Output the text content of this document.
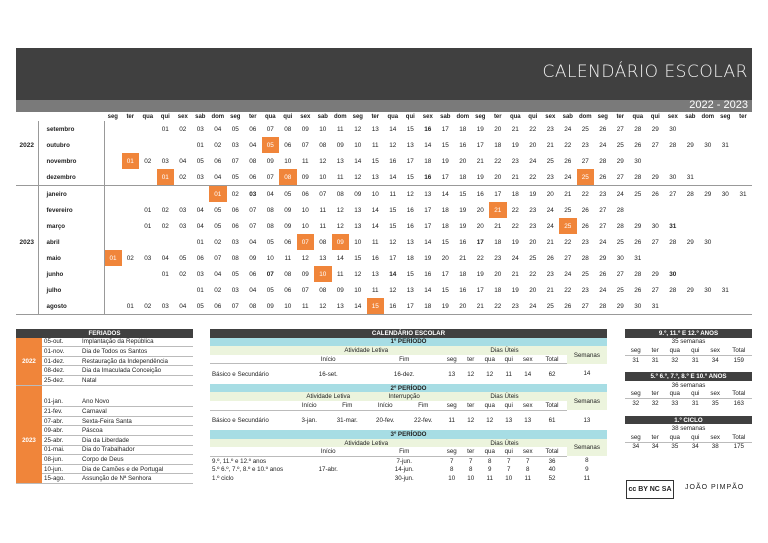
CALENDÁRIO ESCOLAR
2022 - 2023
		seg	ter	qua	qui	sex	sab	dom	seg	ter	qua	qui	sex	sab	dom	seg	ter	qua	qui	sex	sab	dom	seg	ter	qua	qui	sex	sab	dom	seg	ter	qua	qui	sex	sab	dom	seg	ter
	setembro				01	02	03	04	05	06	07	08	09	10	11	12	13	14	15	16	17	18	19	20	21	22	23	24	25	26	27	28	29	30				
2022	outubro						01	02	03	04	05	06	07	08	09	10	11	12	13	14	15	16	17	18	19	20	21	22	23	24	25	26	27	28	29	30	31	
	novembro		01	02	03	04	05	06	07	08	09	10	11	12	13	14	15	16	17	18	19	20	21	22	23	24	25	26	27	28	29	30						
	dezembro				01	02	03	04	05	06	07	08	09	10	11	12	13	14	15	16	17	18	19	20	21	22	23	24	25	26	27	28	29	30	31			
	janeiro							01	02	03	04	05	06	07	08	09	10	11	12	13	14	15	16	17	18	19	20	21	22	23	24	25	26	27	28	29	30	31
	fevereiro			01	02	03	04	05	06	07	08	09	10	11	12	13	14	15	16	17	18	19	20	21	22	23	24	25	26	27	28							
	março			01	02	03	04	05	06	07	08	09	10	11	12	13	14	15	16	17	18	19	20	21	22	23	24	25	26	27	28	29	30	31				
2023	abril						01	02	03	04	05	06	07	08	09	10	11	12	13	14	15	16	17	18	19	20	21	22	23	24	25	26	27	28	29	30		
	maio	01	02	03	04	05	06	07	08	09	10	11	12	13	14	15	16	17	18	19	20	21	22	23	24	25	26	27	28	29	30	31						
	junho				01	02	03	04	05	06	07	08	09	10	11	12	13	14	15	16	17	18	19	20	21	22	23	24	25	26	27	28	29	30				
	julho						01	02	03	04	05	06	07	08	09	10	11	12	13	14	15	16	17	18	19	20	21	22	23	24	25	26	27	28	29	30	31	
	agosto		01	02	03	04	05	06	07	08	09	10	11	12	13	14	15	16	17	18	19	20	21	22	23	24	25	26	27	28	29	30	31					
FERIADOS		
2022	05-out.	Implantação da República
	01-nov.	Dia de Todos os Santos
	01-dez.	Restauração da Independência
	08-dez.	Dia da Imaculada Conceição
	25-dez.	Natal

2023	01-jan.	Ano Novo
	21-fev.	Carnaval
	07-abr.	Sexta-Feira Santa
	09-abr.	Páscoa
	25-abr.	Dia da Liberdade
	01-mai.	Dia do Trabalhador
	08-jun.	Corpo de Deus
	10-jun.	Dia de Camões e de Portugal
	15-ago.	Assunção de Nª Senhora
CALENDÁRIO ESCOLAR											
1º PERÍODO											
	Atividade Letiva				Dias Úteis						Semanas
	Início		Fim		seg	ter	qua	qui	sex	Total	
Básico e Secundário	16-set.		16-dez.		13	12	12	11	14	62	14
2º PERÍODO											
	Atividade Letiva		Interrupção		Dias Úteis						Semanas
	Início	Fim	Início	Fim	seg	ter	qua	qui	sex	Total	
Básico e Secundário	3-jan.	31-mar.	20-fev.	22-fev.	11	12	12	13	13	61	13
3º PERÍODO											
	Atividade Letiva				Dias Úteis						Semanas
	Início		Fim		seg	ter	qua	qui	sex	Total	
9.º, 11.º e 12.º anos	17-abr.		7-jun.		7	7	8	7	7	36	8
5.º 6.º, 7.º, 8.º e 10.º anos			14-jun.		8	8	9	7	8	40	9
1.º ciclo			30-jun.		10	10	11	10	11	52	11
9.º, 11.º E 12.º ANOS					
35 semanas					
seg	ter	qua	qui	sex	Total
31	31	32	31	34	159
5.º 6.º, 7.º, 8.º E 10.º ANOS					
36 semanas					
seg	ter	qua	qui	sex	Total
32	32	33	31	35	163
1.º CICLO					
38 semanas					
seg	ter	qua	qui	sex	Total
34	34	35	34	38	175
cc BY NC SA	JOÃO PIMPÃO
